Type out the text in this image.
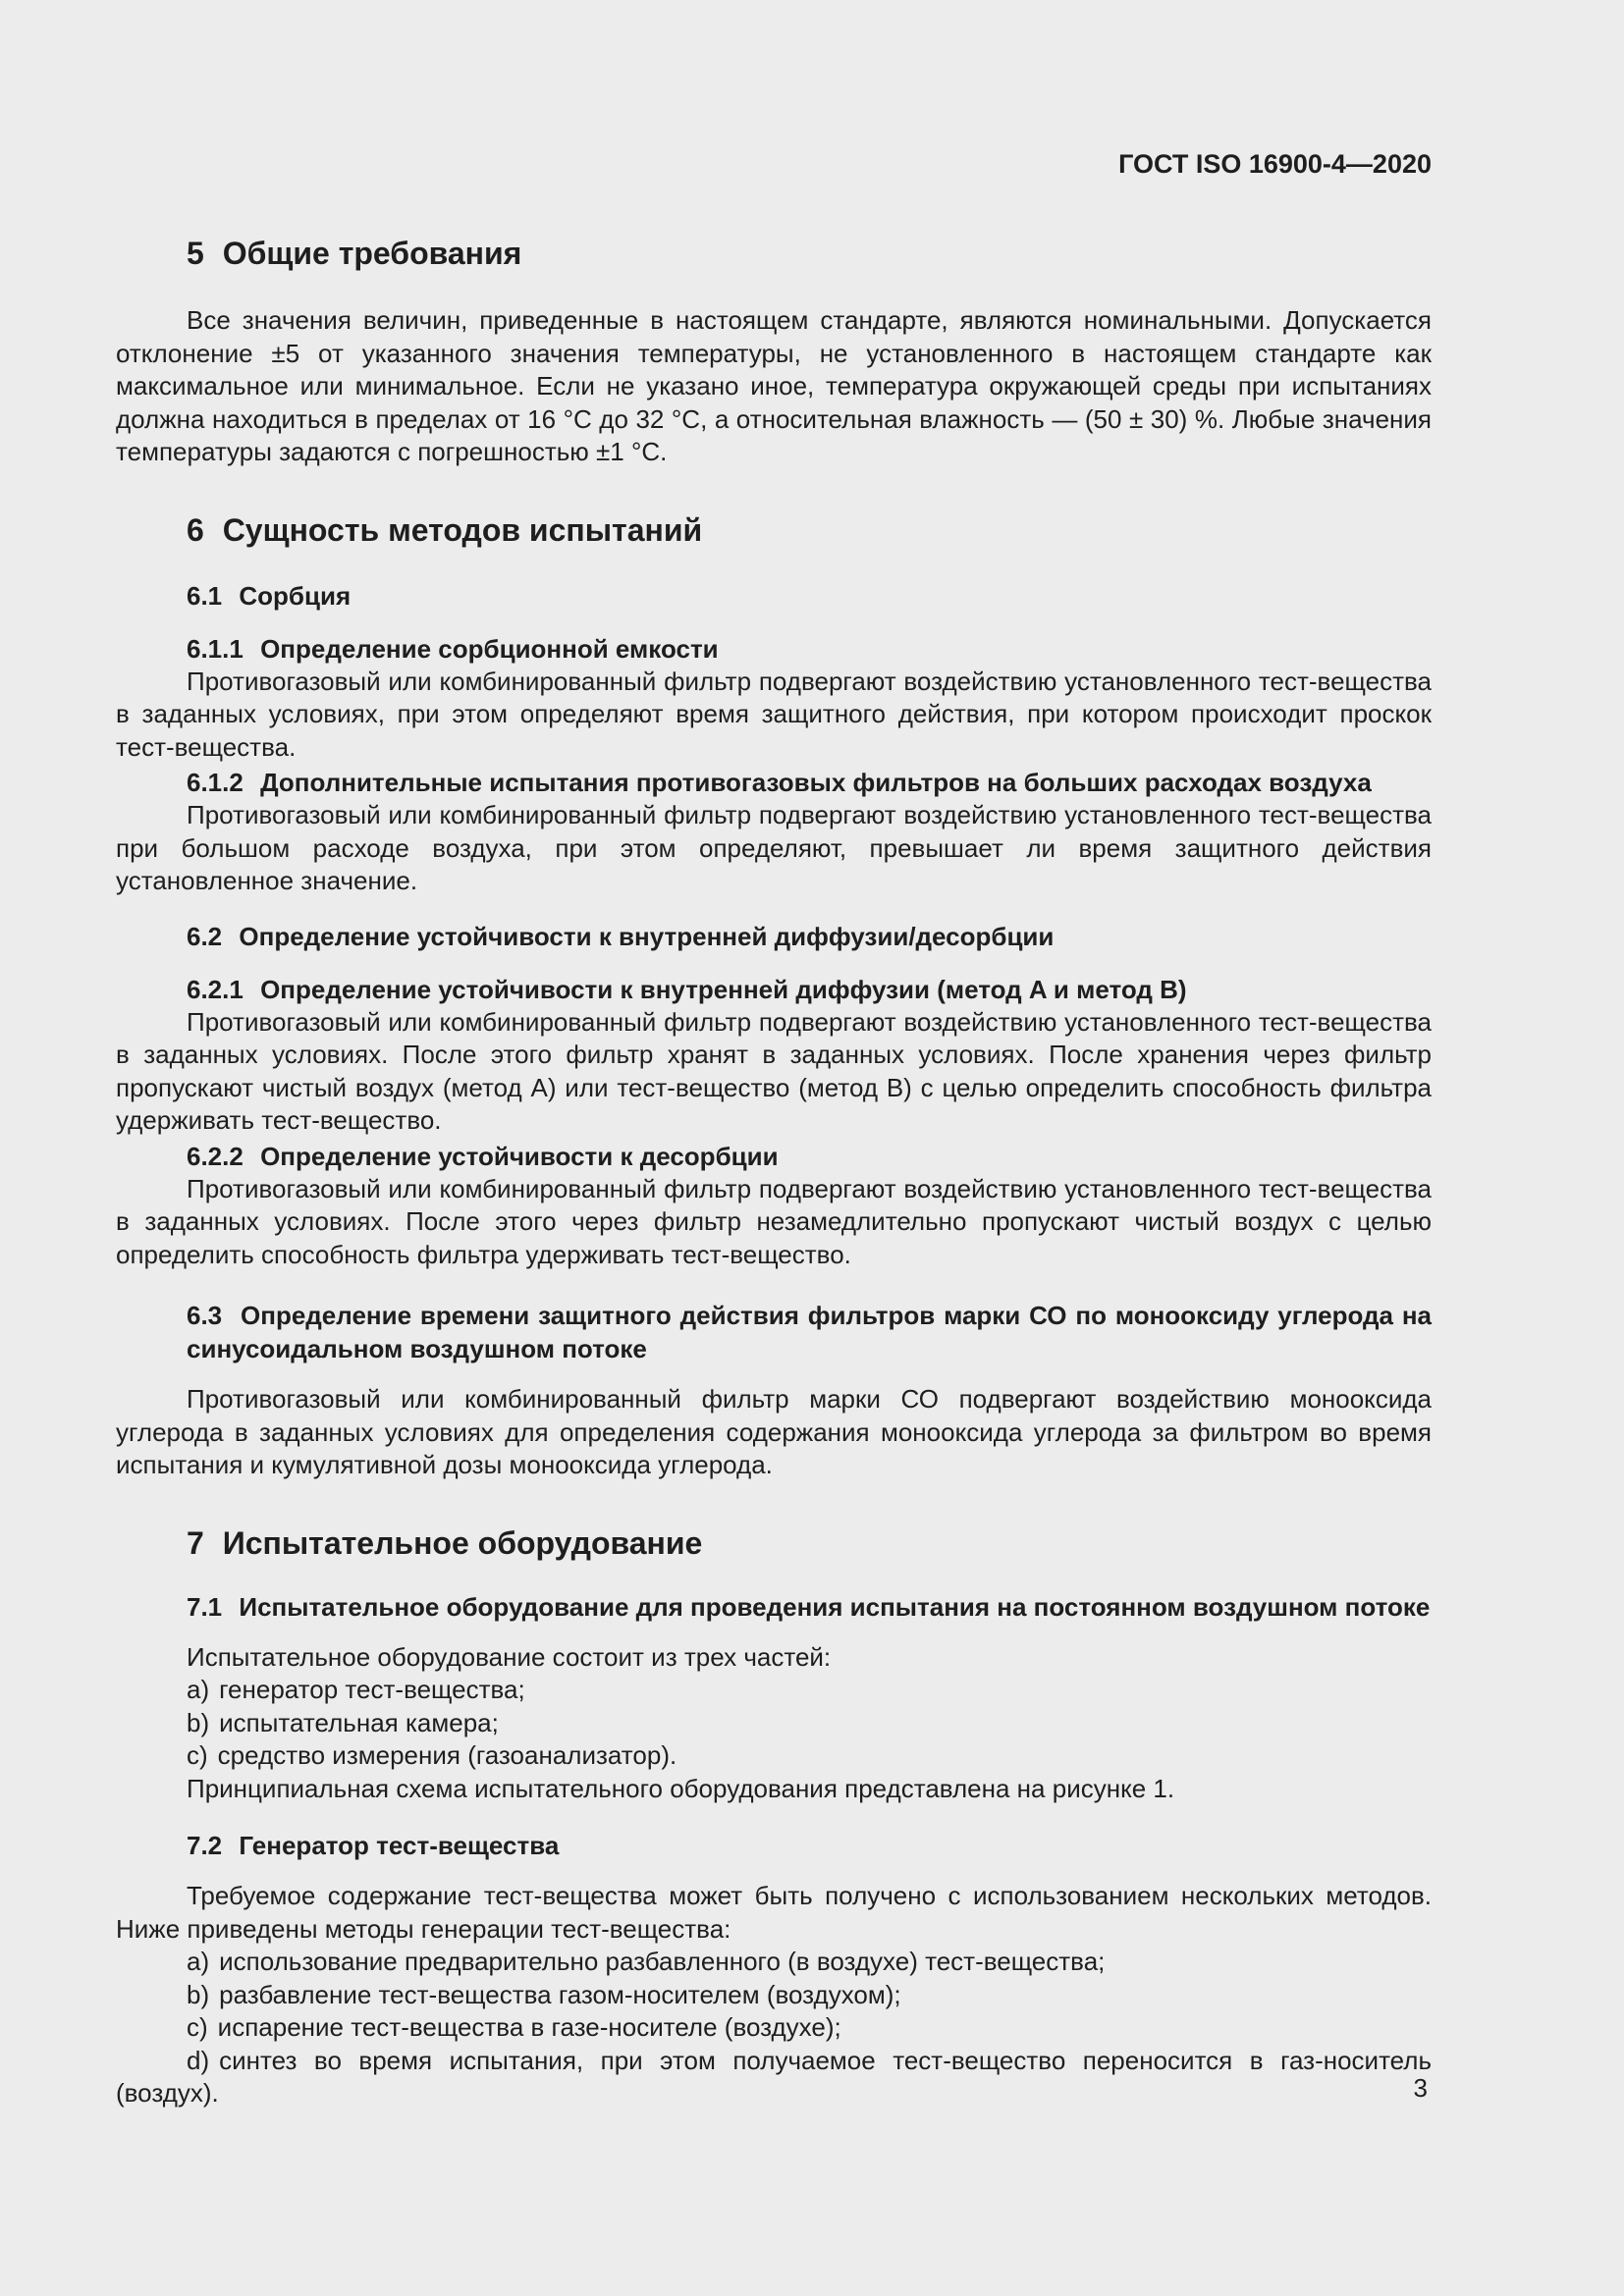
ГОСТ ISO 16900-4—2020
5 Общие требования

Все значения величин, приведенные в настоящем стандарте, являются номинальными. Допускается отклонение ±5 от указанного значения температуры, не установленного в настоящем стандарте как максимальное или минимальное. Если не указано иное, температура окружающей среды при испытаниях должна находиться в пределах от 16 °С до 32 °С, а относительная влажность — (50 ± 30) %. Любые значения температуры задаются с погрешностью ±1 °С.

6 Сущность методов испытаний
6.1 Сорбция
6.1.1 Определение сорбционной емкости

Противогазовый или комбинированный фильтр подвергают воздействию установленного тест-вещества в заданных условиях, при этом определяют время защитного действия, при котором происходит проскок тест-вещества.

6.1.2 Дополнительные испытания противогазовых фильтров на больших расходах воздуха

Противогазовый или комбинированный фильтр подвергают воздействию установленного тест-вещества при большом расходе воздуха, при этом определяют, превышает ли время защитного действия установленное значение.

6.2 Определение устойчивости к внутренней диффузии/десорбции
6.2.1 Определение устойчивости к внутренней диффузии (метод A и метод B)

Противогазовый или комбинированный фильтр подвергают воздействию установленного тест-вещества в заданных условиях. После этого фильтр хранят в заданных условиях. После хранения через фильтр пропускают чистый воздух (метод A) или тест-вещество (метод B) с целью определить способность фильтра удерживать тест-вещество.

6.2.2 Определение устойчивости к десорбции

Противогазовый или комбинированный фильтр подвергают воздействию установленного тест-вещества в заданных условиях. После этого через фильтр незамедлительно пропускают чистый воздух с целью определить способность фильтра удерживать тест-вещество.

6.3 Определение времени защитного действия фильтров марки СО по монооксиду углерода на синусоидальном воздушном потоке

Противогазовый или комбинированный фильтр марки СО подвергают воздействию монооксида углерода в заданных условиях для определения содержания монооксида углерода за фильтром во время испытания и кумулятивной дозы монооксида углерода.

7 Испытательное оборудование
7.1 Испытательное оборудование для проведения испытания на постоянном воздушном потоке

Испытательное оборудование состоит из трех частей:

a) генератор тест-вещества;

b) испытательная камера;

c) средство измерения (газоанализатор).

Принципиальная схема испытательного оборудования представлена на рисунке 1.

7.2 Генератор тест-вещества

Требуемое содержание тест-вещества может быть получено с использованием нескольких методов. Ниже приведены методы генерации тест-вещества:

a) использование предварительно разбавленного (в воздухе) тест-вещества;

b) разбавление тест-вещества газом-носителем (воздухом);

c) испарение тест-вещества в газе-носителе (воздухе);

d) синтез во время испытания, при этом получаемое тест-вещество переносится в газ-носитель (воздух).	3
